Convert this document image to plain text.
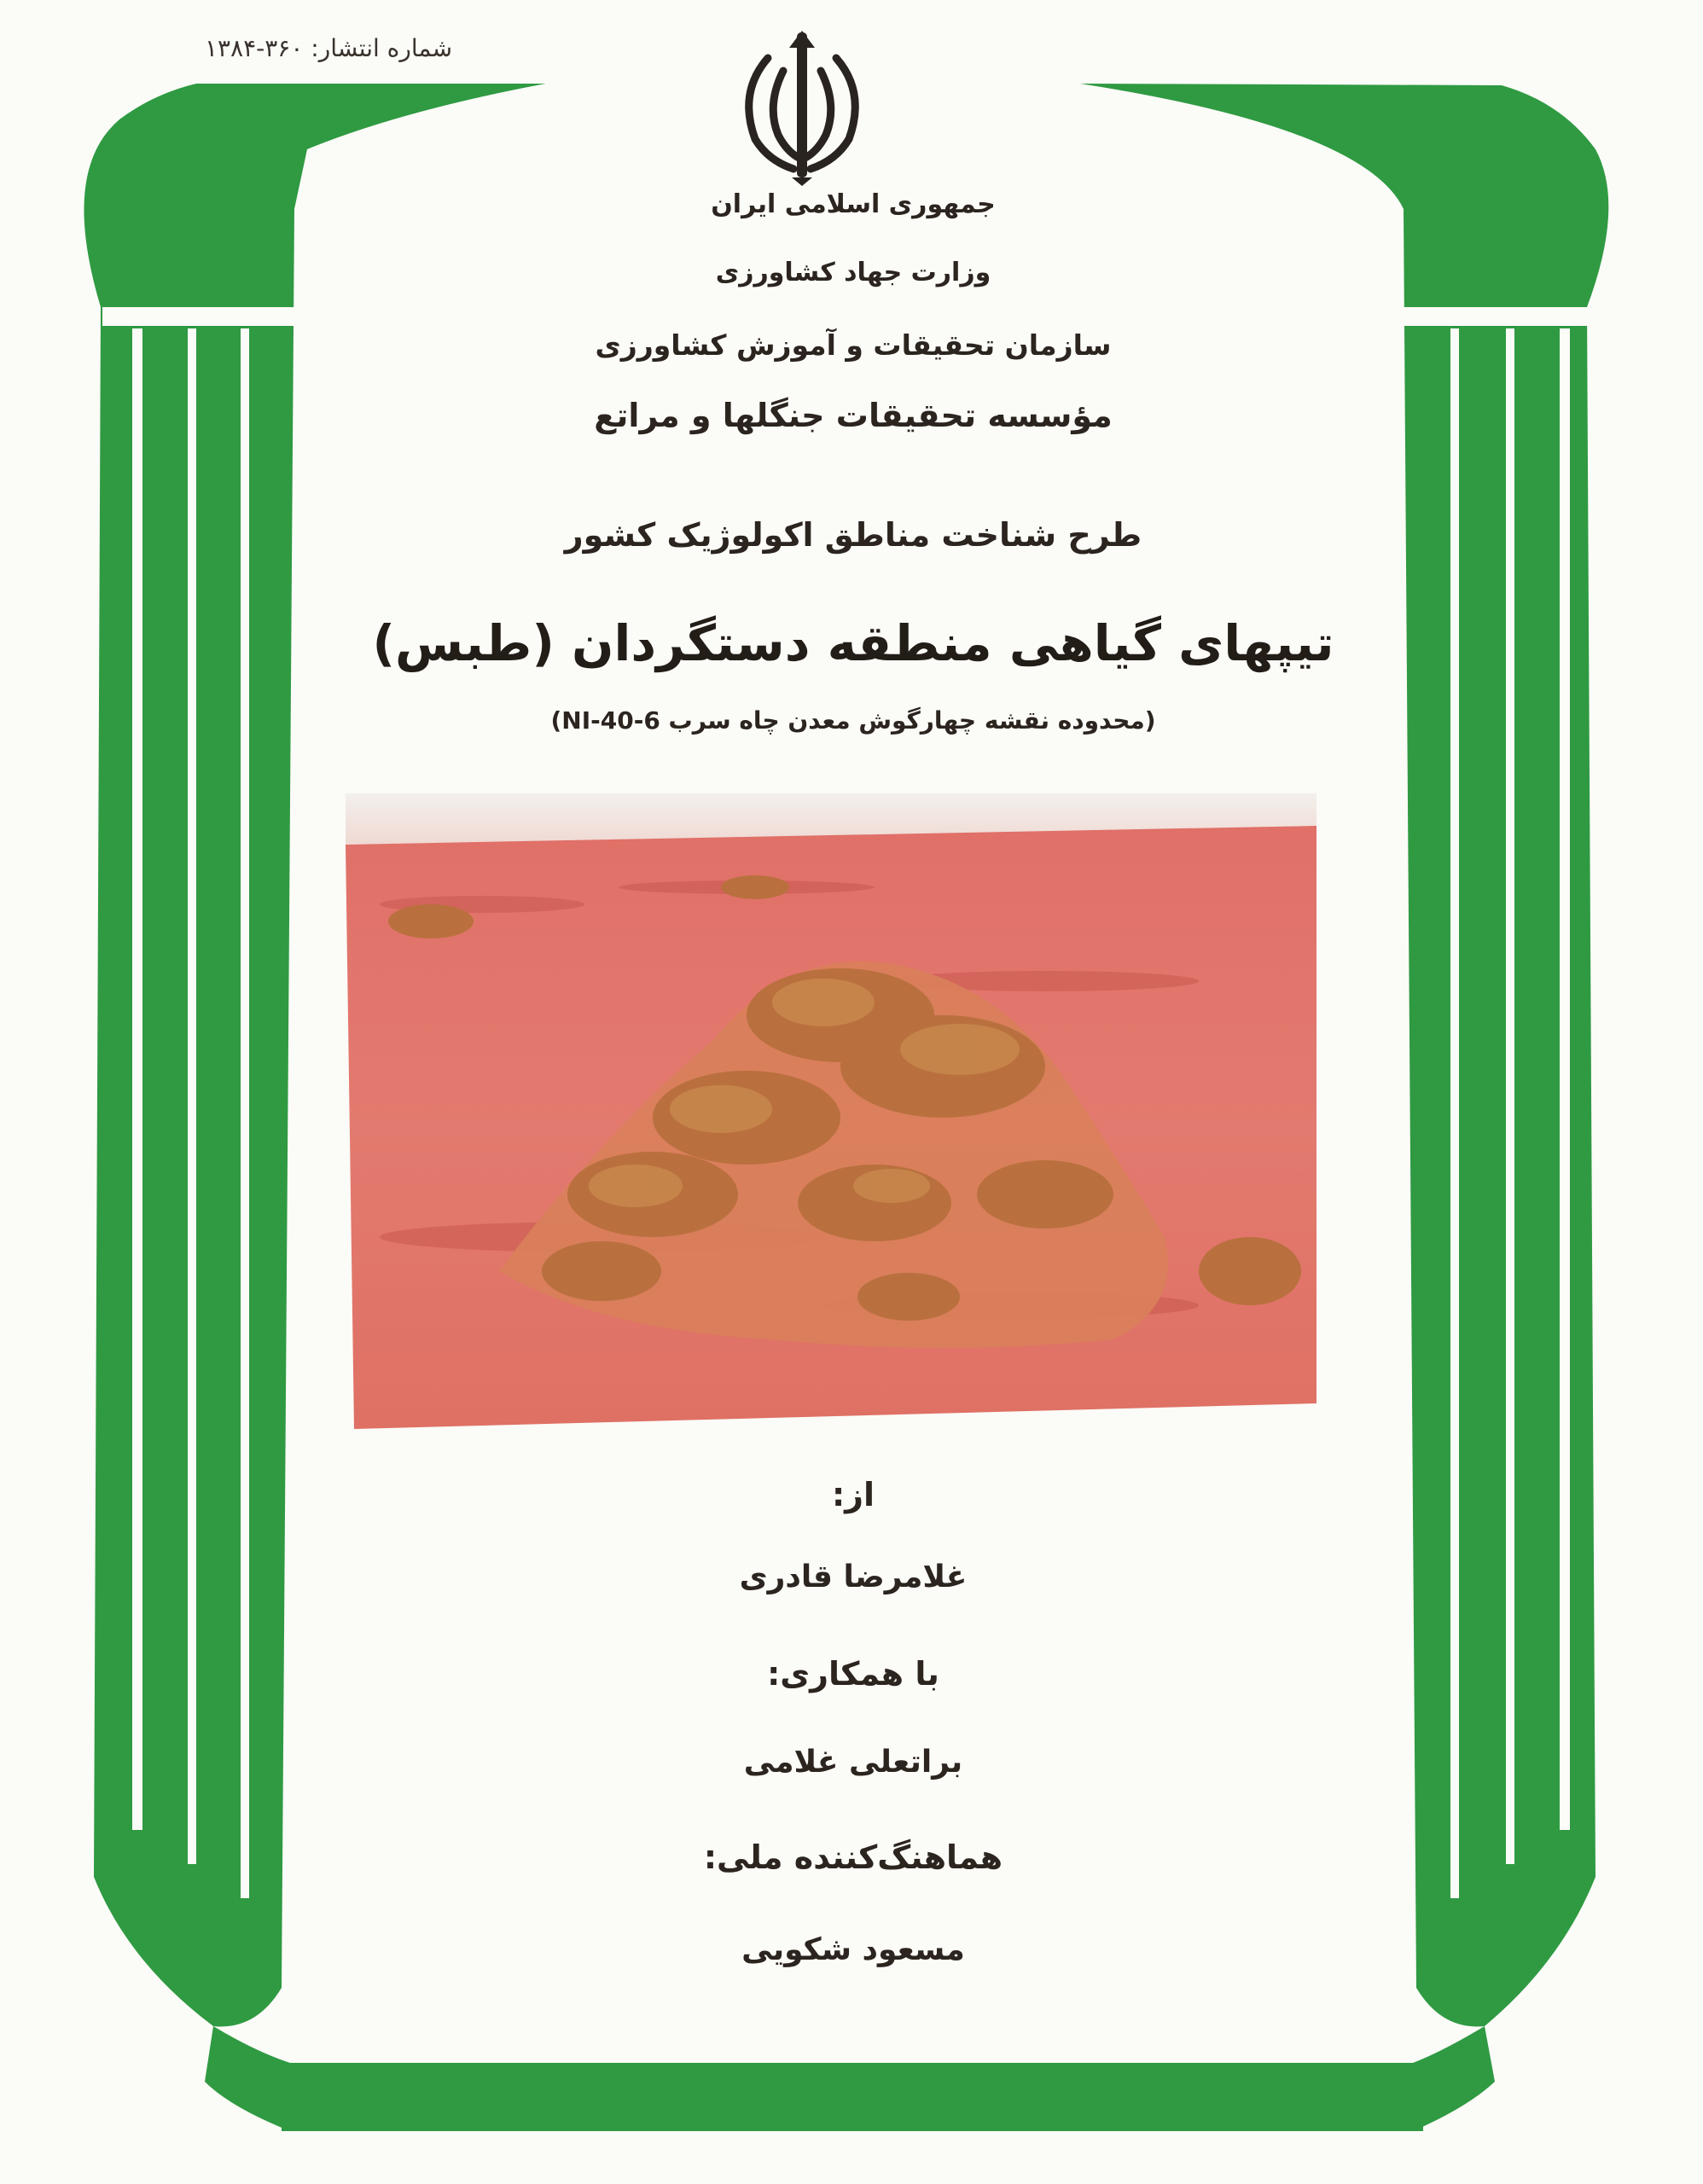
شماره انتشار: ۳۶۰-۱۳۸۴
جمهوری اسلامی ایران
وزارت جهاد کشاورزی
سازمان تحقیقات و آموزش کشاورزی
مؤسسه تحقیقات جنگلها و مراتع
طرح شناخت مناطق اکولوژیک کشور
تیپهای گیاهی منطقه دستگردان (طبس)
(محدوده نقشه چهارگوش معدن چاه سرب NI-40-6)
از:
غلامرضا قادری
با همکاری:
براتعلی غلامی
هماهنگ‌کننده ملی:
مسعود شکویی
